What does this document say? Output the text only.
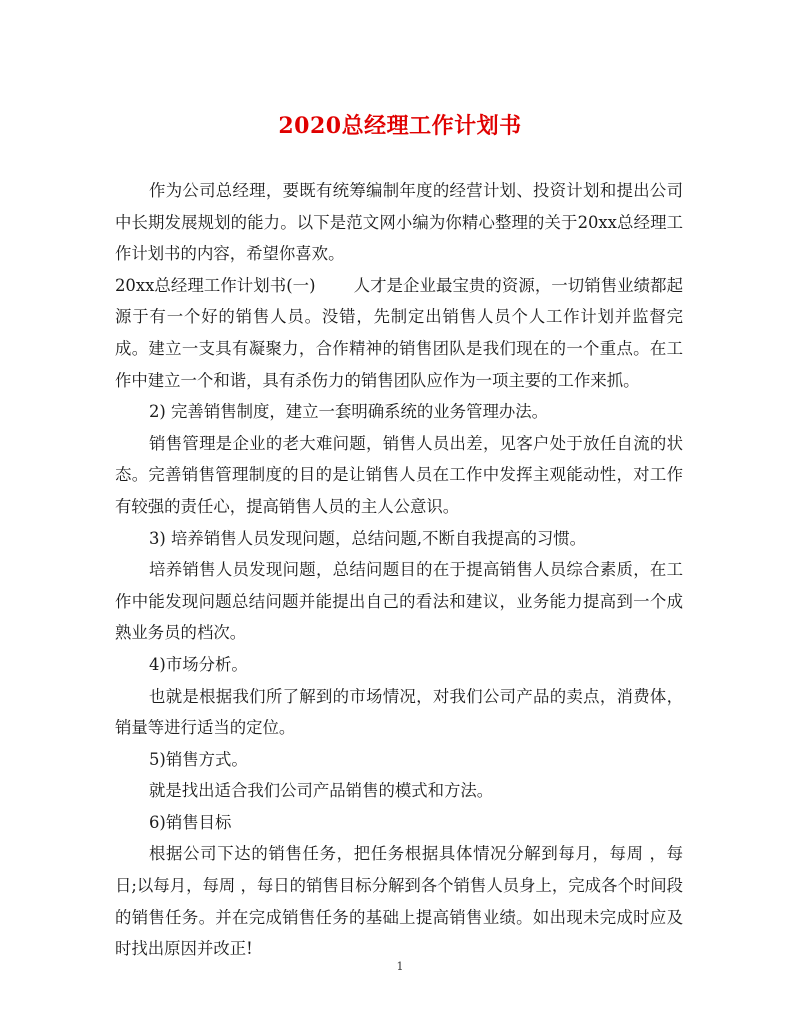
2020总经理工作计划书

作为公司总经理，要既有统筹编制年度的经营计划、投资计划和提出公司中长期发展规划的能力。以下是范文网小编为你精心整理的关于20xx总经理工作计划书的内容，希望你喜欢。

20xx总经理工作计划书(一) 人才是企业最宝贵的资源，一切销售业绩都起源于有一个好的销售人员。没错，先制定出销售人员个人工作计划并监督完成。建立一支具有凝聚力，合作精神的销售团队是我们现在的一个重点。在工作中建立一个和谐，具有杀伤力的销售团队应作为一项主要的工作来抓。

2) 完善销售制度，建立一套明确系统的业务管理办法。

销售管理是企业的老大难问题，销售人员出差，见客户处于放任自流的状态。完善销售管理制度的目的是让销售人员在工作中发挥主观能动性，对工作有较强的责任心，提高销售人员的主人公意识。

3) 培养销售人员发现问题，总结问题,不断自我提高的习惯。

培养销售人员发现问题，总结问题目的在于提高销售人员综合素质，在工作中能发现问题总结问题并能提出自己的看法和建议，业务能力提高到一个成熟业务员的档次。

4)市场分析。

也就是根据我们所了解到的市场情况，对我们公司产品的卖点，消费体，销量等进行适当的定位。

5)销售方式。

就是找出适合我们公司产品销售的模式和方法。

6)销售目标

根据公司下达的销售任务，把任务根据具体情况分解到每月，每周 ，每日;以每月，每周 ，每日的销售目标分解到各个销售人员身上，完成各个时间段的销售任务。并在完成销售任务的基础上提高销售业绩。如出现未完成时应及时找出原因并改正!

1
